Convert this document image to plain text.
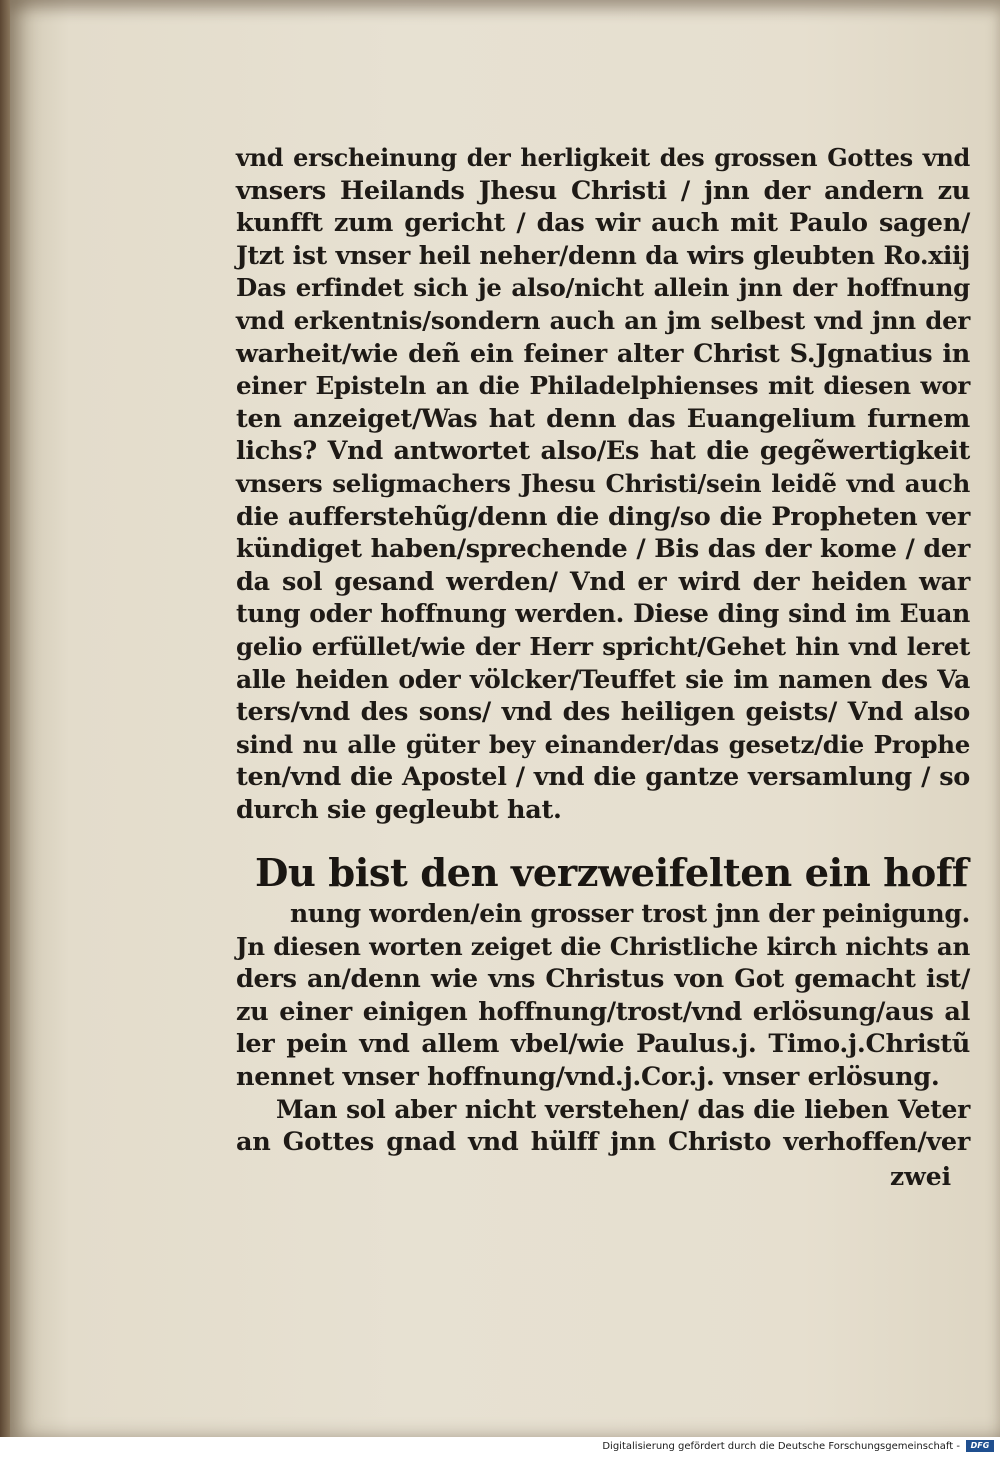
vnd erscheinung der herligkeit des grossen Gottes vnd
vnsers Heilands Jhesu Christi / jnn der andern zu
kunfft zum gericht / das wir auch mit Paulo sagen/
Jtzt ist vnser heil neher/denn da wirs gleubten Ro.xiij
Das erfindet sich je also/nicht allein jnn der hoffnung
vnd erkentnis/sondern auch an jm selbest vnd jnn der
warheit/wie deñ ein feiner alter Christ S.Jgnatius in
einer Episteln an die Philadelphienses mit diesen wor
ten anzeiget/Was hat denn das Euangelium furnem
lichs? Vnd antwortet also/Es hat die gegẽwertigkeit
vnsers seligmachers Jhesu Christi/sein leidẽ vnd auch
die aufferstehũg/denn die ding/so die Propheten ver
kündiget haben/sprechende / Bis das der kome / der
da sol gesand werden/ Vnd er wird der heiden war
tung oder hoffnung werden. Diese ding sind im Euan
gelio erfüllet/wie der Herr spricht/Gehet hin vnd leret
alle heiden oder völcker/Teuffet sie im namen des Va
ters/vnd des sons/ vnd des heiligen geists/ Vnd also
sind nu alle güter bey einander/das gesetz/die Prophe
ten/vnd die Apostel / vnd die gantze versamlung / so
durch sie gegleubt hat.
Du bist den verzweifelten ein hoff
nung worden/ein grosser trost jnn der peinigung.
Jn diesen worten zeiget die Christliche kirch nichts an
ders an/denn wie vns Christus von Got gemacht ist/
zu einer einigen hoffnung/trost/vnd erlösung/aus al
ler pein vnd allem vbel/wie Paulus.j. Timo.j.Christũ
nennet vnser hoffnung/vnd.j.Cor.j. vnser erlösung.
Man sol aber nicht verstehen/ das die lieben Veter
an Gottes gnad vnd hülff jnn Christo verhoffen/ver
zwei
Digitalisierung gefördert durch die Deutsche Forschungsgemeinschaft -	DFG
